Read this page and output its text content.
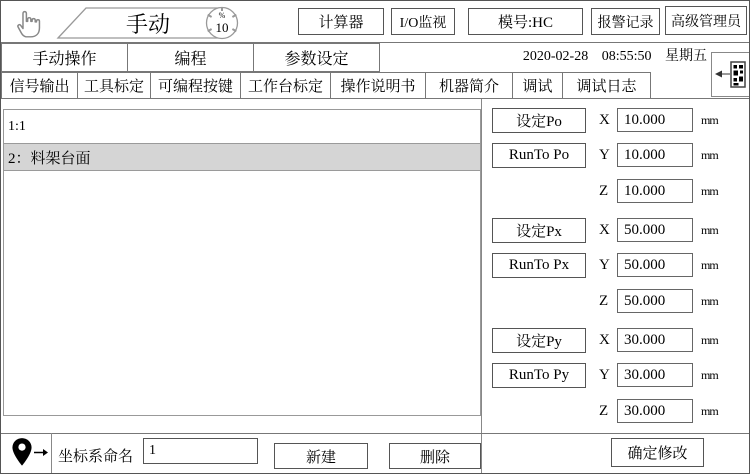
手动	%
10	计算器	I/O监视	模号:HC	报警记录	高级管理员
手动操作	编程	参数设定	2020-02-28 08:55:50 星期五
信号输出 工具标定 可编程按键 工作台标定	操作说明书	机器简介	调试	调试日志
1:1
2：料架台面
设定Po
RunTo Po
X 10.000	mm
Y 10.000	mm
Z	10.000	mm
设定Px
RunTo Px
X 50.000	mm
Y 50.000	mm
Z	50.000	mm
设定Py
RunTo Py
X 30.000	mm
Y 30.000	mm
Z	30.000	mm
坐标系命名
1	新建	删除	确定修改
